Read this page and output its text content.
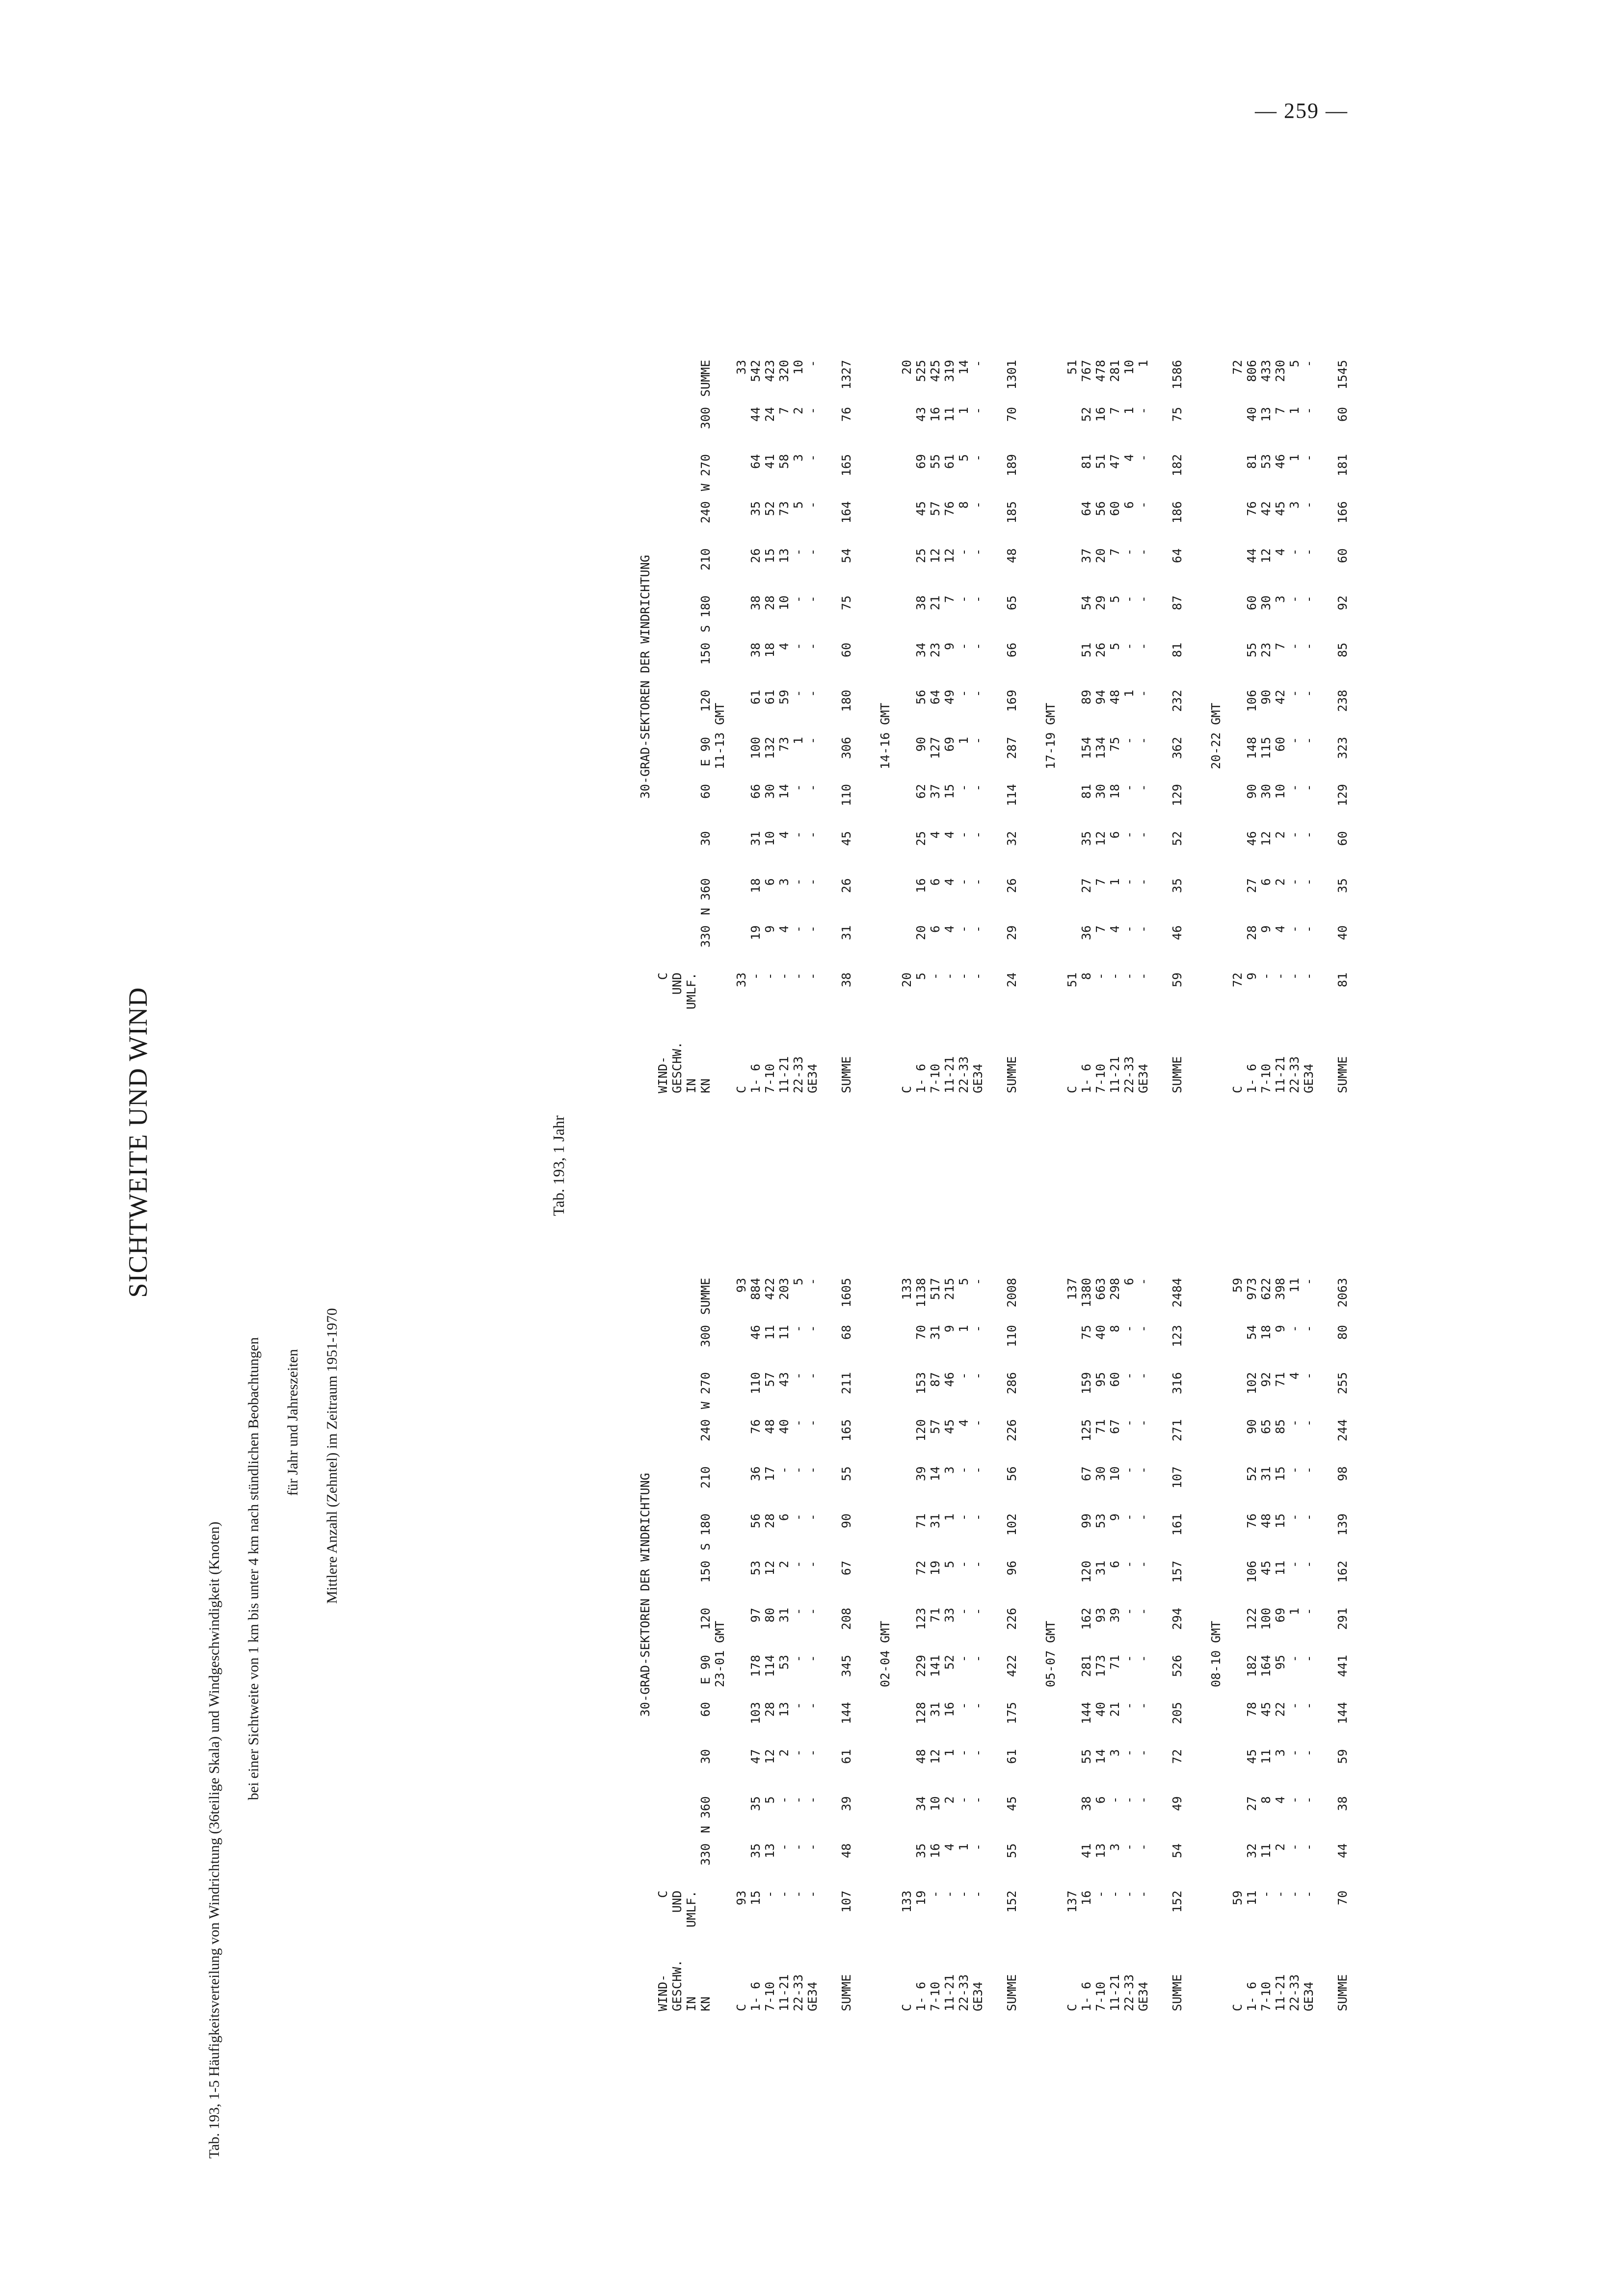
— 259 —
SICHTWEITE UND WIND
Tab. 193, 1-5 Häufigkeitsverteilung von Windrichtung (36teilige Skala) und Windgeschwindigkeit (Knoten) bei einer Sichtweite von 1 km bis unter 4 km nach stündlichen Beobachtungen für Jahr und Jahreszeiten Mittlere Anzahl (Zehntel) im Zeitraum 1951-1970
Tab. 193, 1 Jahr
30-GRAD-SEKTOREN DER WINDRICHTUNG
WIND-
C
GESCHW.
UND
IN
UMLF.
KN
330
N 360
30
60
E 90
120
150
S 180
210
240
W 270
300
SUMME
23-01 GMT
C
93
93
1- 6
15
35
35
47
103
178
97
53
56
36
76
110
46
884
7-10
-
13
5
12
28
114
80
12
28
17
48
57
11
422
11-21
-
-
-
2
13
53
31
2
6
-
40
43
11
203
22-33
-
-
-
-
-
-
-
-
-
-
-
-
-
5
GE34
-
-
-
-
-
-
-
-
-
-
-
-
-
-
SUMME
107
48
39
61
144
345
208
67
90
55
165
211
68
1605
02-04 GMT
C
133
133
1- 6
19
35
34
48
128
229
123
72
71
39
120
153
70
1138
7-10
-
16
10
12
31
141
71
19
31
14
57
87
31
517
11-21
-
4
2
1
16
52
33
5
1
3
45
46
9
215
22-33
-
1
-
-
-
-
-
-
-
-
4
-
1
5
GE34
-
-
-
-
-
-
-
-
-
-
-
-
-
-
SUMME
152
55
45
61
175
422
226
96
102
56
226
286
110
2008
05-07 GMT
C
137
137
1- 6
16
41
38
55
144
281
162
120
99
67
125
159
75
1380
7-10
-
13
6
14
40
173
93
31
53
30
71
95
40
663
11-21
-
3
-
3
21
71
39
6
9
10
67
60
8
298
22-33
-
-
-
-
-
-
-
-
-
-
-
-
-
6
GE34
-
-
-
-
-
-
-
-
-
-
-
-
-
-
SUMME
152
54
49
72
205
526
294
157
161
107
271
316
123
2484
08-10 GMT
C
59
59
1- 6
11
32
27
45
78
182
122
106
76
52
90
102
54
973
7-10
-
11
8
11
45
164
100
45
48
31
65
92
18
622
11-21
-
2
4
3
22
95
69
11
15
15
85
71
9
398
22-33
-
-
-
-
-
-
1
-
-
-
-
4
-
11
GE34
-
-
-
-
-
-
-
-
-
-
-
-
-
-
SUMME
70
44
38
59
144
441
291
162
139
98
244
255
80
2063
30-GRAD-SEKTOREN DER WINDRICHTUNG
WIND-
C
GESCHW.
UND
IN
UMLF.
KN
330
N 360
30
60
E 90
120
150
S 180
210
240
W 270
300
SUMME
11-13 GMT
C
33
33
1- 6
-
19
18
31
66
100
61
38
38
26
35
64
44
542
7-10
-
9
6
10
30
132
61
18
28
15
52
41
24
423
11-21
-
4
3
4
14
73
59
4
10
13
73
58
7
320
22-33
-
-
-
-
-
1
-
-
-
-
5
3
2
10
GE34
-
-
-
-
-
-
-
-
-
-
-
-
-
-
SUMME
38
31
26
45
110
306
180
60
75
54
164
165
76
1327
14-16 GMT
C
20
20
1- 6
5
20
16
25
62
90
56
34
38
25
45
69
43
525
7-10
-
6
6
4
37
127
64
23
21
12
57
55
16
425
11-21
-
4
4
4
15
69
49
9
7
12
76
61
11
319
22-33
-
-
-
-
-
1
-
-
-
-
8
5
1
14
GE34
-
-
-
-
-
-
-
-
-
-
-
-
-
-
SUMME
24
29
26
32
114
287
169
66
65
48
185
189
70
1301
17-19 GMT
C
51
51
1- 6
8
36
27
35
81
154
89
51
54
37
64
81
52
767
7-10
-
7
7
12
30
134
94
26
29
20
56
51
16
478
11-21
-
4
1
6
18
75
48
5
5
7
60
47
7
281
22-33
-
-
-
-
-
-
1
-
-
-
6
4
1
10
GE34
-
-
-
-
-
-
-
-
-
-
-
-
-
1
SUMME
59
46
35
52
129
362
232
81
87
64
186
182
75
1586
20-22 GMT
C
72
72
1- 6
9
28
27
46
90
148
106
55
60
44
76
81
40
806
7-10
-
9
6
12
30
115
90
23
30
12
42
53
13
433
11-21
-
4
2
2
10
60
42
7
3
4
45
46
7
230
22-33
-
-
-
-
-
-
-
-
-
-
3
1
1
5
GE34
-
-
-
-
-
-
-
-
-
-
-
-
-
-
SUMME
81
40
35
60
129
323
238
85
92
60
166
181
60
1545
